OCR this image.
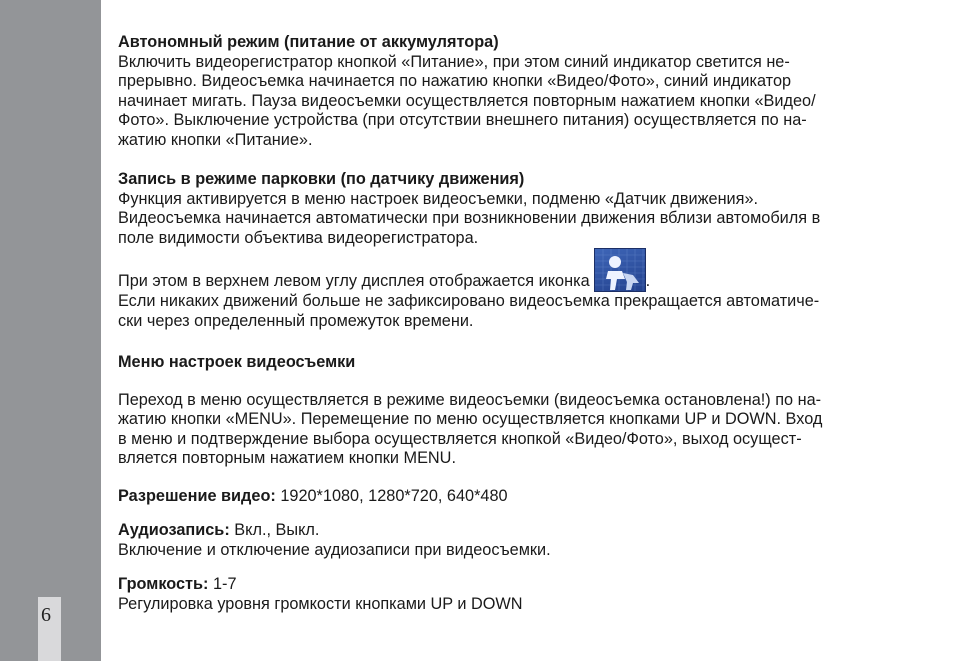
6

Автономный режим (питание от аккумулятора)

Включить видеорегистратор кнопкой «Питание», при этом синий индикатор светится не-

прерывно. Видеосъемка начинается по нажатию кнопки «Видео/Фото», синий индикатор

начинает мигать. Пауза видеосъемки осуществляется повторным нажатием кнопки «Видео/

Фото». Выключение устройства (при отсутствии внешнего питания) осуществляется по на-

жатию кнопки «Питание».

Запись в режиме парковки (по датчику движения)

Функция активируется в меню настроек видеосъемки, подменю «Датчик движения».

Видеосъемка начинается автоматически при возникновении движения вблизи автомобиля в

поле видимости объектива видеорегистратора.

При этом в верхнем левом углу дисплея отображается иконка	.

Если никаких движений больше не зафиксировано видеосъемка прекращается автоматиче-

ски через определенный промежуток времени.

Меню настроек видеосъемки

Переход в меню осуществляется в режиме видеосъемки (видеосъемка остановлена!) по на-

жатию кнопки «MENU». Перемещение по меню осуществляется кнопками UP и DOWN. Вход

в меню и подтверждение выбора осуществляется кнопкой «Видео/Фото», выход осущест-

вляется повторным нажатием кнопки MENU.

Разрешение видео: 1920*1080, 1280*720, 640*480

Аудиозапись: Вкл., Выкл.

Включение и отключение аудиозаписи при видеосъемки.

Громкость: 1-7

Регулировка уровня громкости кнопками UP и DOWN
